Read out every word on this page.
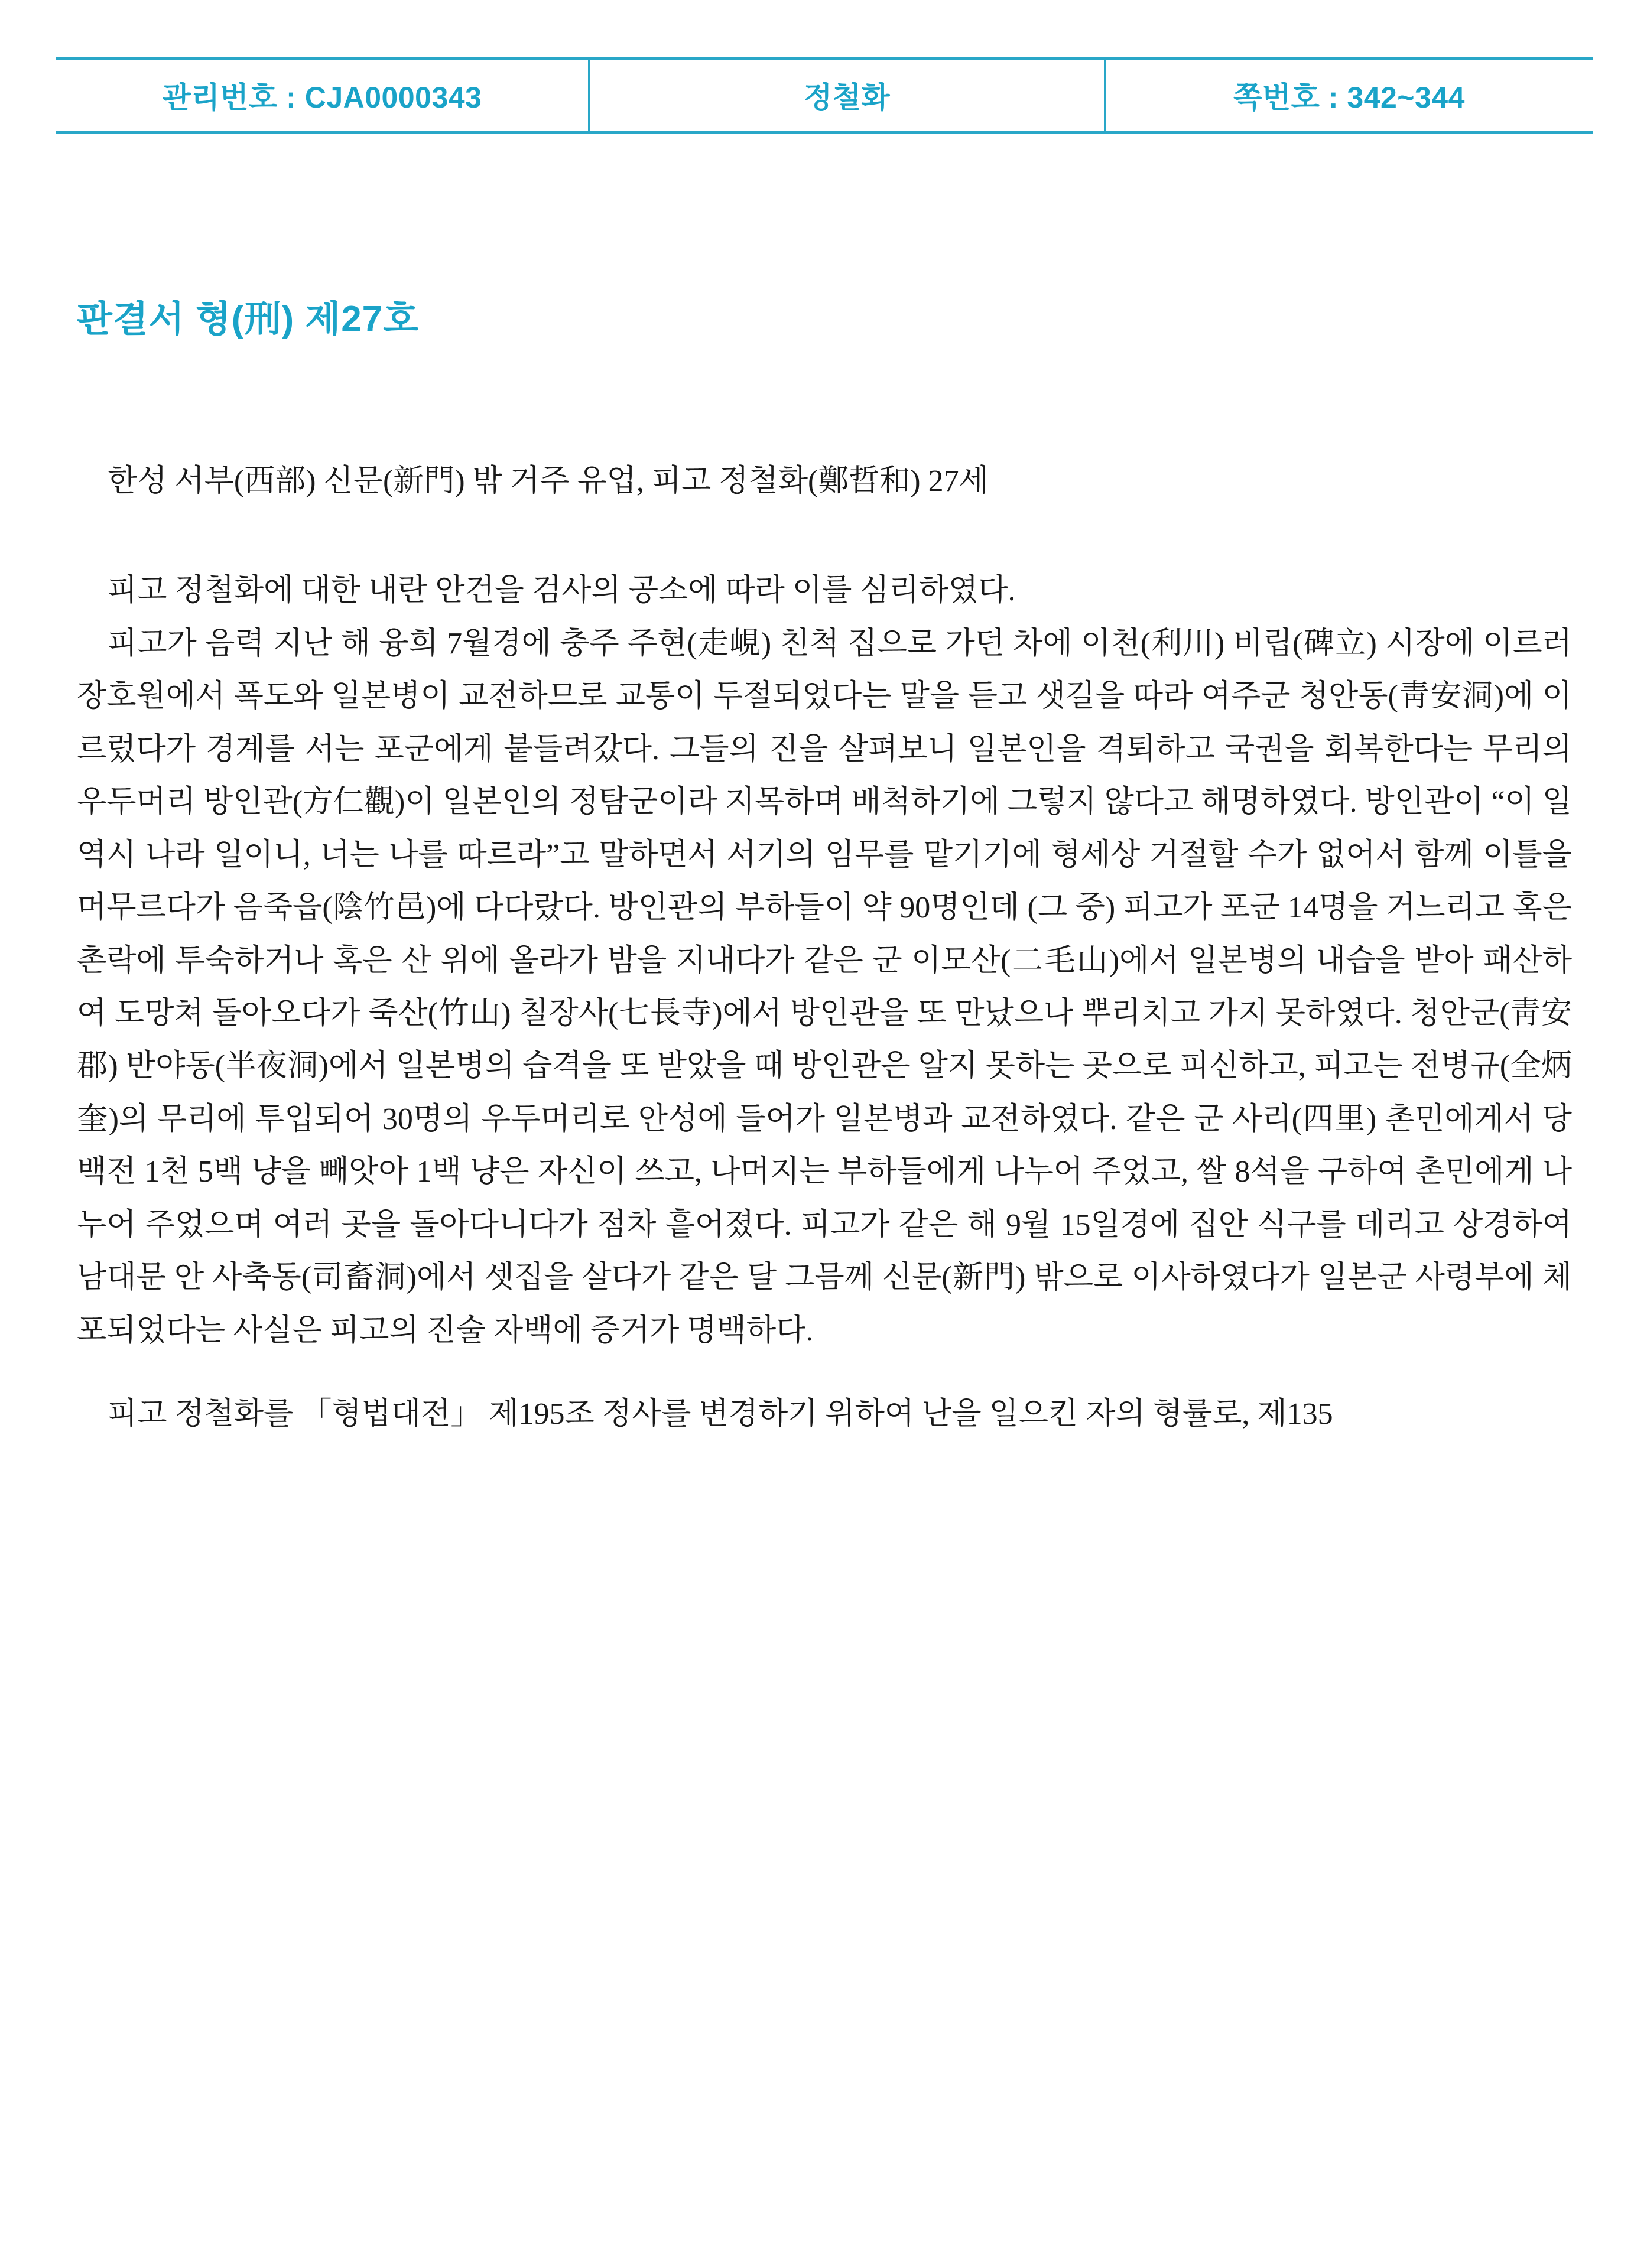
관리번호 : CJA0000343	정철화	쪽번호 : 342~344
판결서 형(刑) 제27호

한성 서부(西部) 신문(新門) 밖 거주 유업, 피고 정철화(鄭哲和) 27세

피고 정철화에 대한 내란 안건을 검사의 공소에 따라 이를 심리하였다.

피고가 음력 지난 해 융희 7월경에 충주 주현(走峴) 친척 집으로 가던 차에 이천(利川) 비립(碑立) 시장에 이르러 장호원에서 폭도와 일본병이 교전하므로 교통이 두절되었다는 말을 듣고 샛길을 따라 여주군 청안동(靑安洞)에 이르렀다가 경계를 서는 포군에게 붙들려갔다. 그들의 진을 살펴보니 일본인을 격퇴하고 국권을 회복한다는 무리의 우두머리 방인관(方仁觀)이 일본인의 정탐군이라 지목하며 배척하기에 그렇지 않다고 해명하였다. 방인관이 “이 일 역시 나라 일이니, 너는 나를 따르라”고 말하면서 서기의 임무를 맡기기에 형세상 거절할 수가 없어서 함께 이틀을 머무르다가 음죽읍(陰竹邑)에 다다랐다. 방인관의 부하들이 약 90명인데 (그 중) 피고가 포군 14명을 거느리고 혹은 촌락에 투숙하거나 혹은 산 위에 올라가 밤을 지내다가 같은 군 이모산(二毛山)에서 일본병의 내습을 받아 패산하여 도망쳐 돌아오다가 죽산(竹山) 칠장사(七長寺)에서 방인관을 또 만났으나 뿌리치고 가지 못하였다. 청안군(靑安郡) 반야동(半夜洞)에서 일본병의 습격을 또 받았을 때 방인관은 알지 못하는 곳으로 피신하고, 피고는 전병규(全炳奎)의 무리에 투입되어 30명의 우두머리로 안성에 들어가 일본병과 교전하였다. 같은 군 사리(四里) 촌민에게서 당백전 1천 5백 냥을 빼앗아 1백 냥은 자신이 쓰고, 나머지는 부하들에게 나누어 주었고, 쌀 8석을 구하여 촌민에게 나누어 주었으며 여러 곳을 돌아다니다가 점차 흩어졌다. 피고가 같은 해 9월 15일경에 집안 식구를 데리고 상경하여 남대문 안 사축동(司畜洞)에서 셋집을 살다가 같은 달 그믐께 신문(新門) 밖으로 이사하였다가 일본군 사령부에 체포되었다는 사실은 피고의 진술 자백에 증거가 명백하다.

피고 정철화를 「형법대전」 제195조 정사를 변경하기 위하여 난을 일으킨 자의 형률로, 제135
